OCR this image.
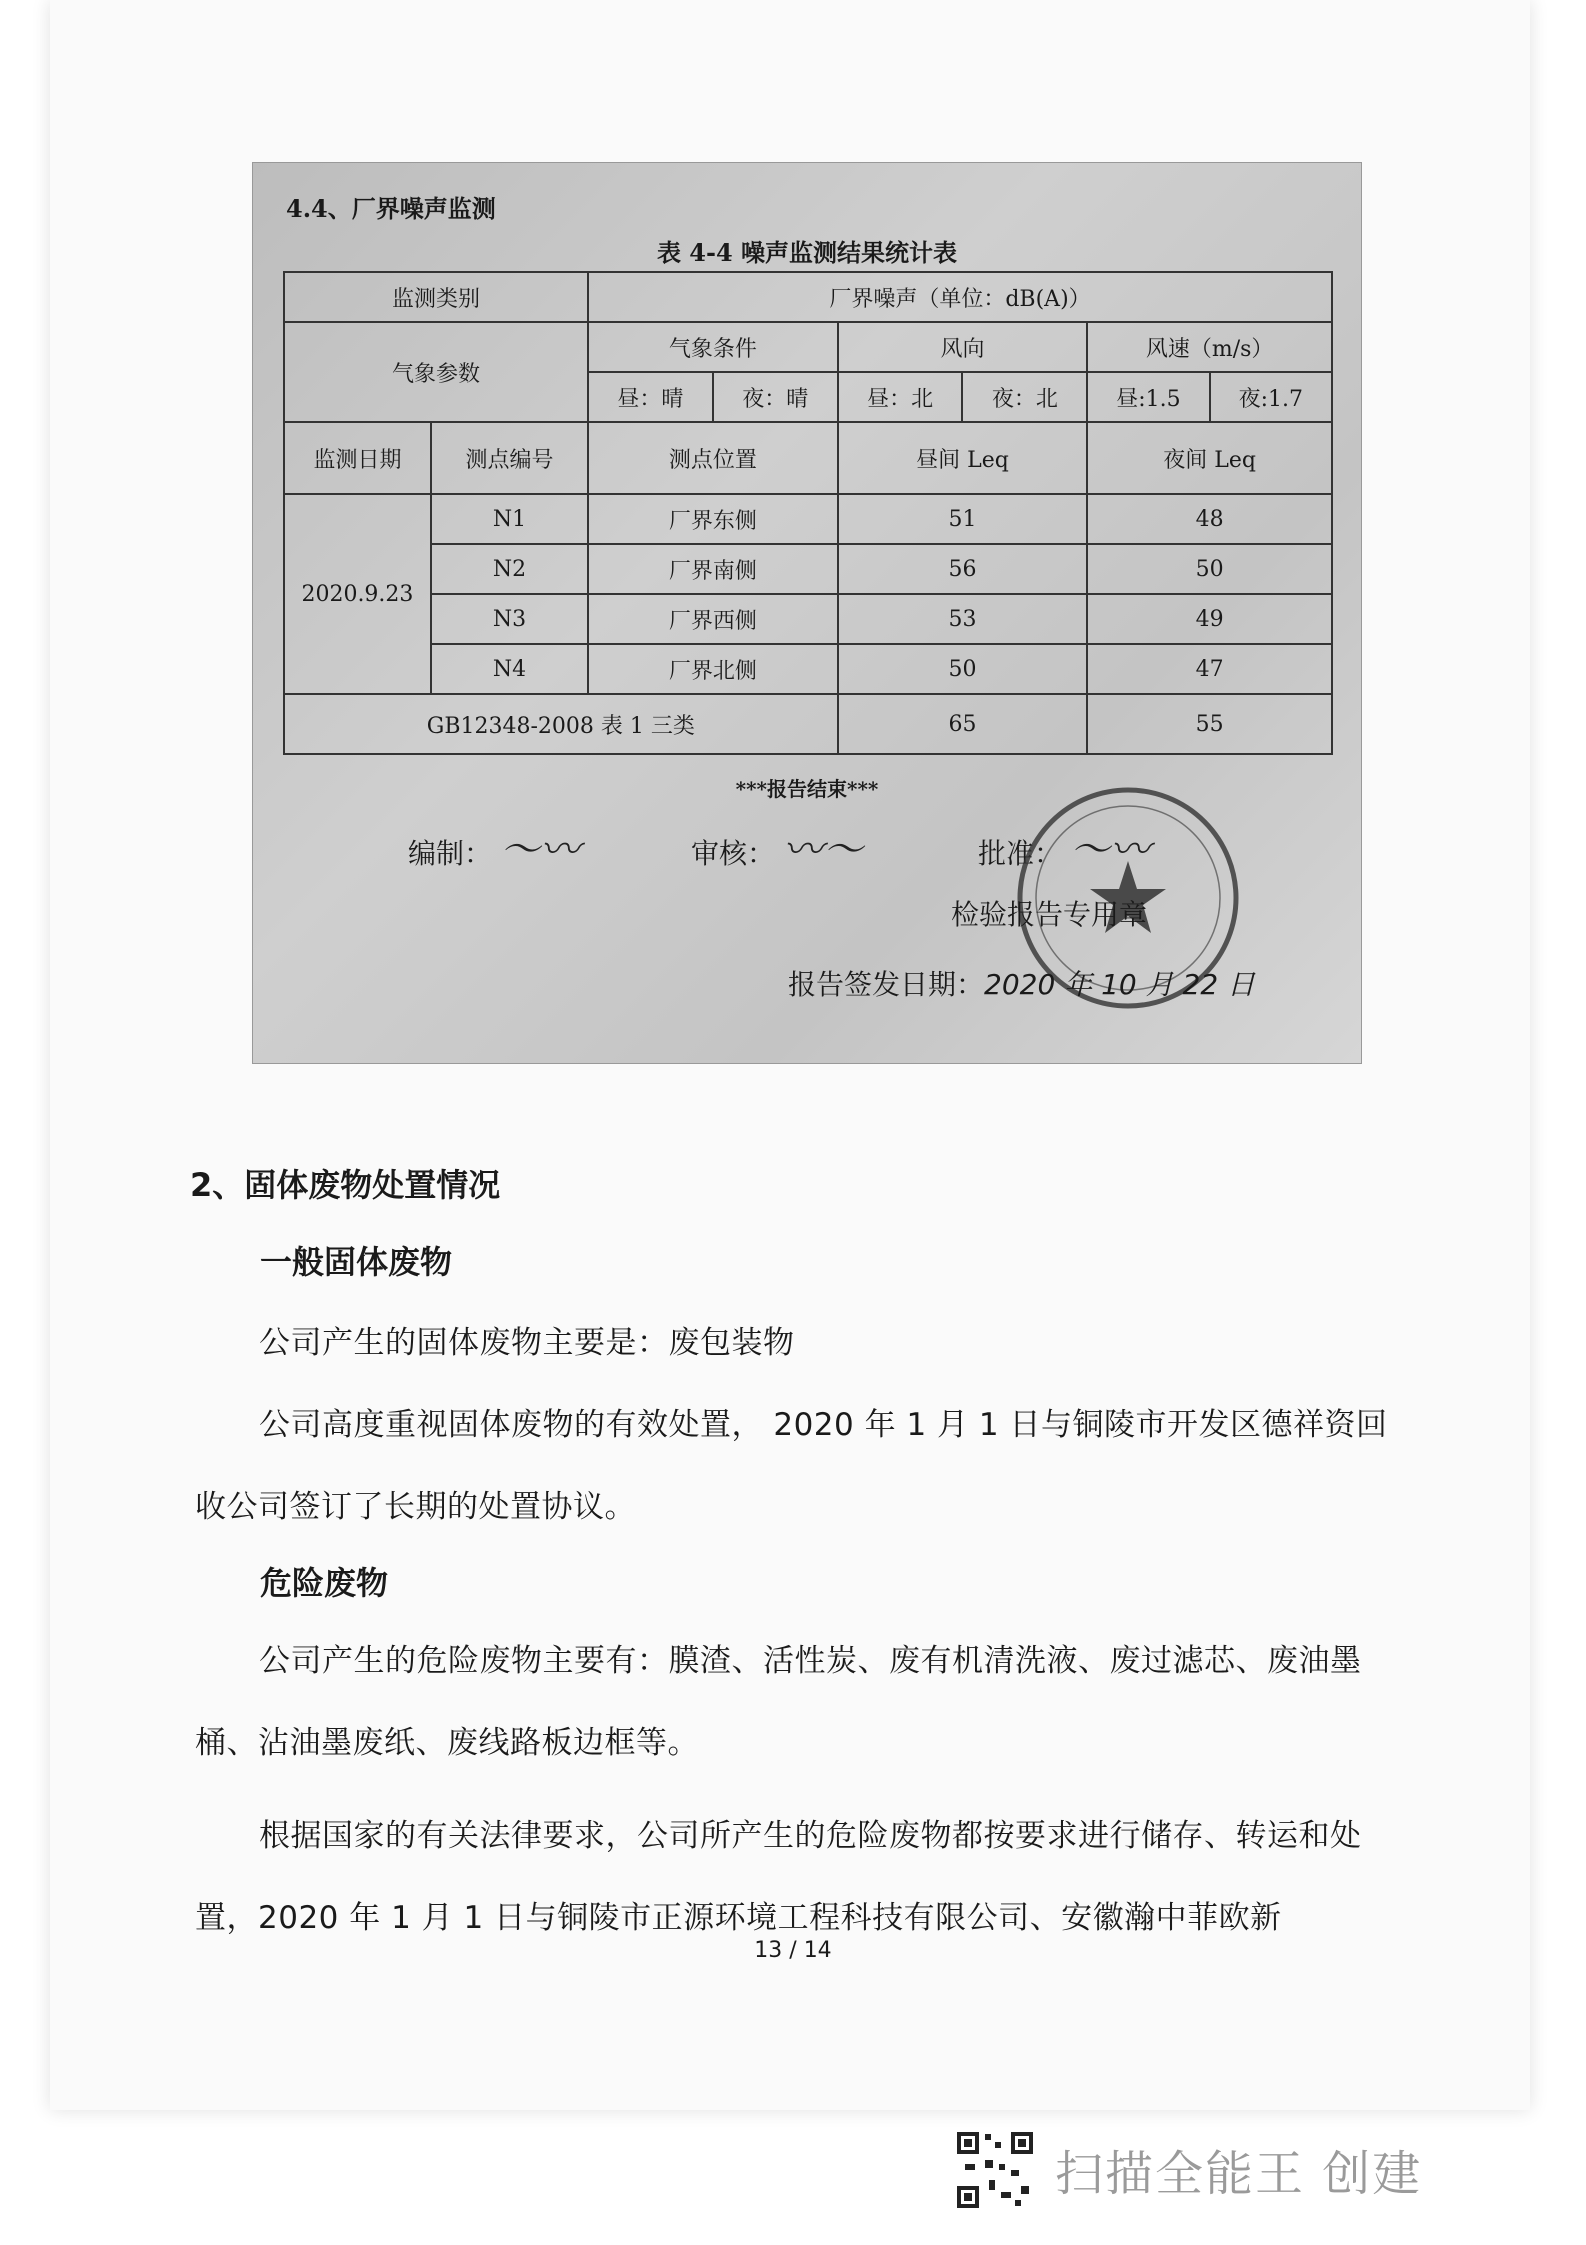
4.4、厂界噪声监测
表 4-4 噪声监测结果统计表
监测类别		厂界噪声（单位：dB(A)）					
气象参数		气象条件		风向		风速（m/s）	
		昼：晴	夜：晴	昼：北	夜：北	昼:1.5	夜:1.7
监测日期	测点编号	测点位置		昼间 Leq		夜间 Leq	
2020.9.23	N1	厂界东侧		51		48	
	N2	厂界南侧		56		50	
	N3	厂界西侧		53		49	
	N4	厂界北侧		50		47	
GB12348-2008 表 1 三类				65		55	
***报告结束***
编制： 〜〰	审核： 〰〜	批准： 〜〰
检验报告专用章
报告签发日期：2020 年 10 月 22 日
2、固体废物处置情况
一般固体废物
公司产生的固体废物主要是：废包装物
公司高度重视固体废物的有效处置， 2020 年 1 月 1 日与铜陵市开发区德祥资回收公司签订了长期的处置协议。
危险废物
公司产生的危险废物主要有：膜渣、活性炭、废有机清洗液、废过滤芯、废油墨桶、沾油墨废纸、废线路板边框等。
根据国家的有关法律要求，公司所产生的危险废物都按要求进行储存、转运和处置，2020 年 1 月 1 日与铜陵市正源环境工程科技有限公司、安徽瀚中菲欧新
13 / 14
扫描全能王 创建
